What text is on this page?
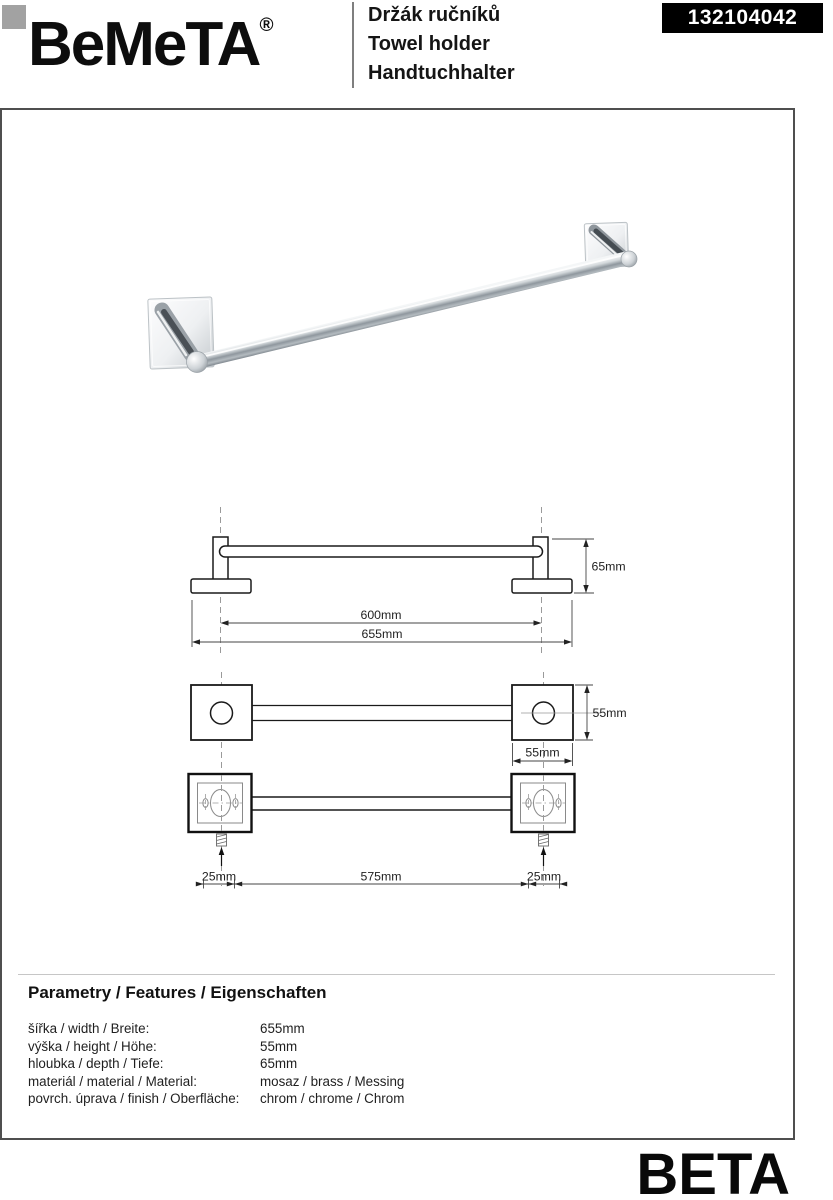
BeMeTA®	Držák ručníků
Towel holder
Handtuchhalter
132104042
65mm
600mm
655mm
55mm
55mm
25mm	575mm	25mm
Parametry / Features / Eigenschaften
šířka / width / Breite:	655mm
výška / height / Höhe:	55mm
hloubka / depth / Tiefe:	65mm
materiál / material / Material:	mosaz / brass / Messing
povrch. úprava / finish / Oberfläche:	chrom / chrome / Chrom
BETA
